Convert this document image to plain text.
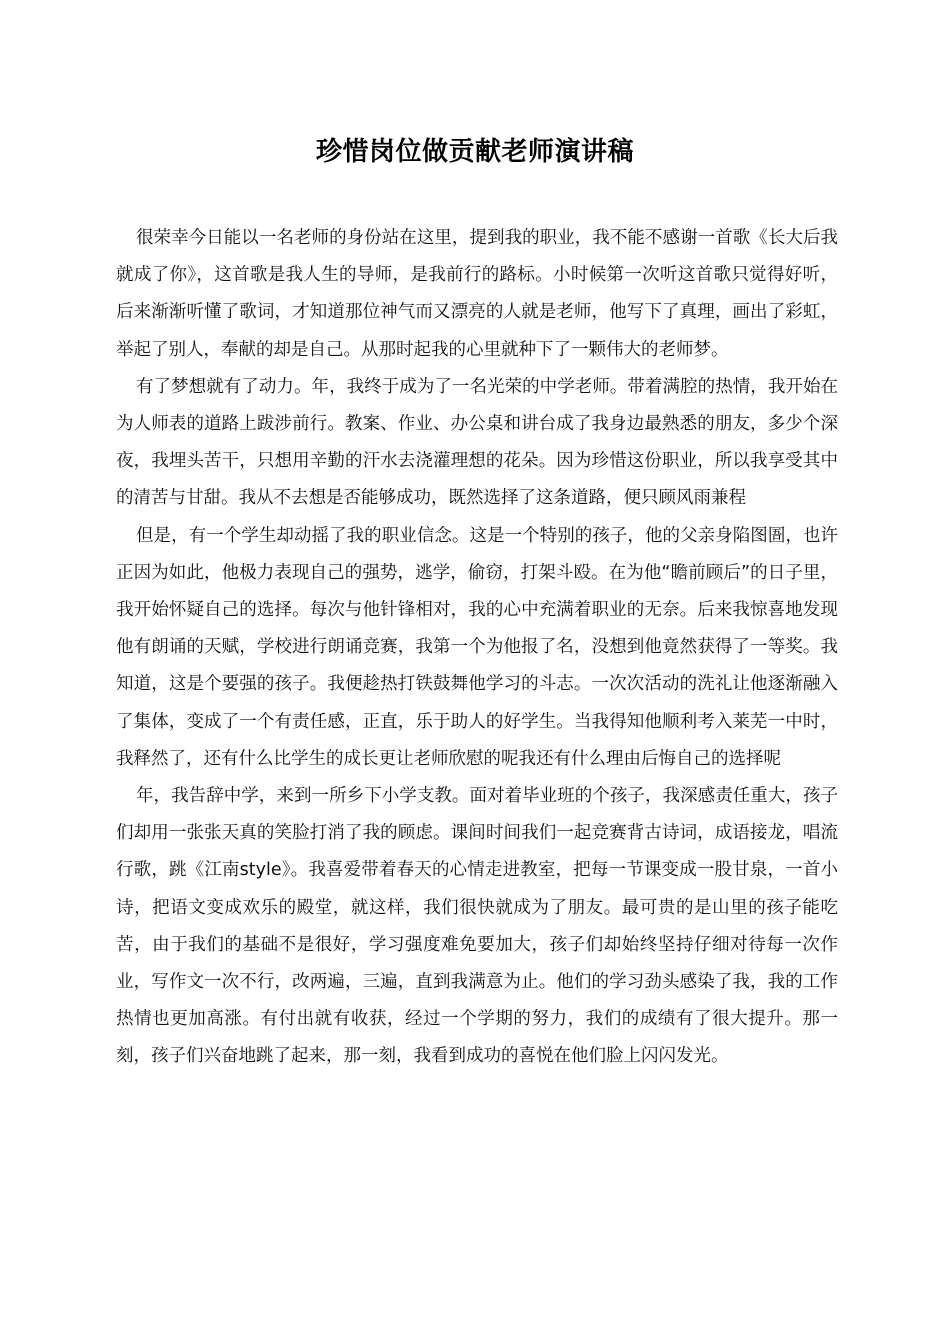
珍惜岗位做贡献老师演讲稿

很荣幸今日能以一名老师的身份站在这里，提到我的职业，我不能不感谢一首歌《长大后我就成了你》，这首歌是我人生的导师，是我前行的路标。小时候第一次听这首歌只觉得好听，后来渐渐听懂了歌词，才知道那位神气而又漂亮的人就是老师，他写下了真理，画出了彩虹，举起了别人，奉献的却是自己。从那时起我的心里就种下了一颗伟大的老师梦。

有了梦想就有了动力。年，我终于成为了一名光荣的中学老师。带着满腔的热情，我开始在为人师表的道路上跋涉前行。教案、作业、办公桌和讲台成了我身边最熟悉的朋友，多少个深夜，我埋头苦干，只想用辛勤的汗水去浇灌理想的花朵。因为珍惜这份职业，所以我享受其中的清苦与甘甜。我从不去想是否能够成功，既然选择了这条道路，便只顾风雨兼程

但是，有一个学生却动摇了我的职业信念。这是一个特别的孩子，他的父亲身陷图圄，也许正因为如此，他极力表现自己的强势，逃学，偷窃，打架斗殴。在为他“瞻前顾后”的日子里，我开始怀疑自己的选择。每次与他针锋相对，我的心中充满着职业的无奈。后来我惊喜地发现他有朗诵的天赋，学校进行朗诵竞赛，我第一个为他报了名，没想到他竟然获得了一等奖。我知道，这是个要强的孩子。我便趁热打铁鼓舞他学习的斗志。一次次活动的洗礼让他逐渐融入了集体，变成了一个有责任感，正直，乐于助人的好学生。当我得知他顺利考入莱芜一中时，我释然了，还有什么比学生的成长更让老师欣慰的呢我还有什么理由后悔自己的选择呢

年，我告辞中学，来到一所乡下小学支教。面对着毕业班的个孩子，我深感责任重大，孩子们却用一张张天真的笑脸打消了我的顾虑。课间时间我们一起竞赛背古诗词，成语接龙，唱流行歌，跳《江南style》。我喜爱带着春天的心情走进教室，把每一节课变成一股甘泉，一首小诗，把语文变成欢乐的殿堂，就这样，我们很快就成为了朋友。最可贵的是山里的孩子能吃苦，由于我们的基础不是很好，学习强度难免要加大，孩子们却始终坚持仔细对待每一次作业，写作文一次不行，改两遍，三遍，直到我满意为止。他们的学习劲头感染了我，我的工作热情也更加高涨。有付出就有收获，经过一个学期的努力，我们的成绩有了很大提升。那一刻，孩子们兴奋地跳了起来，那一刻，我看到成功的喜悦在他们脸上闪闪发光。
